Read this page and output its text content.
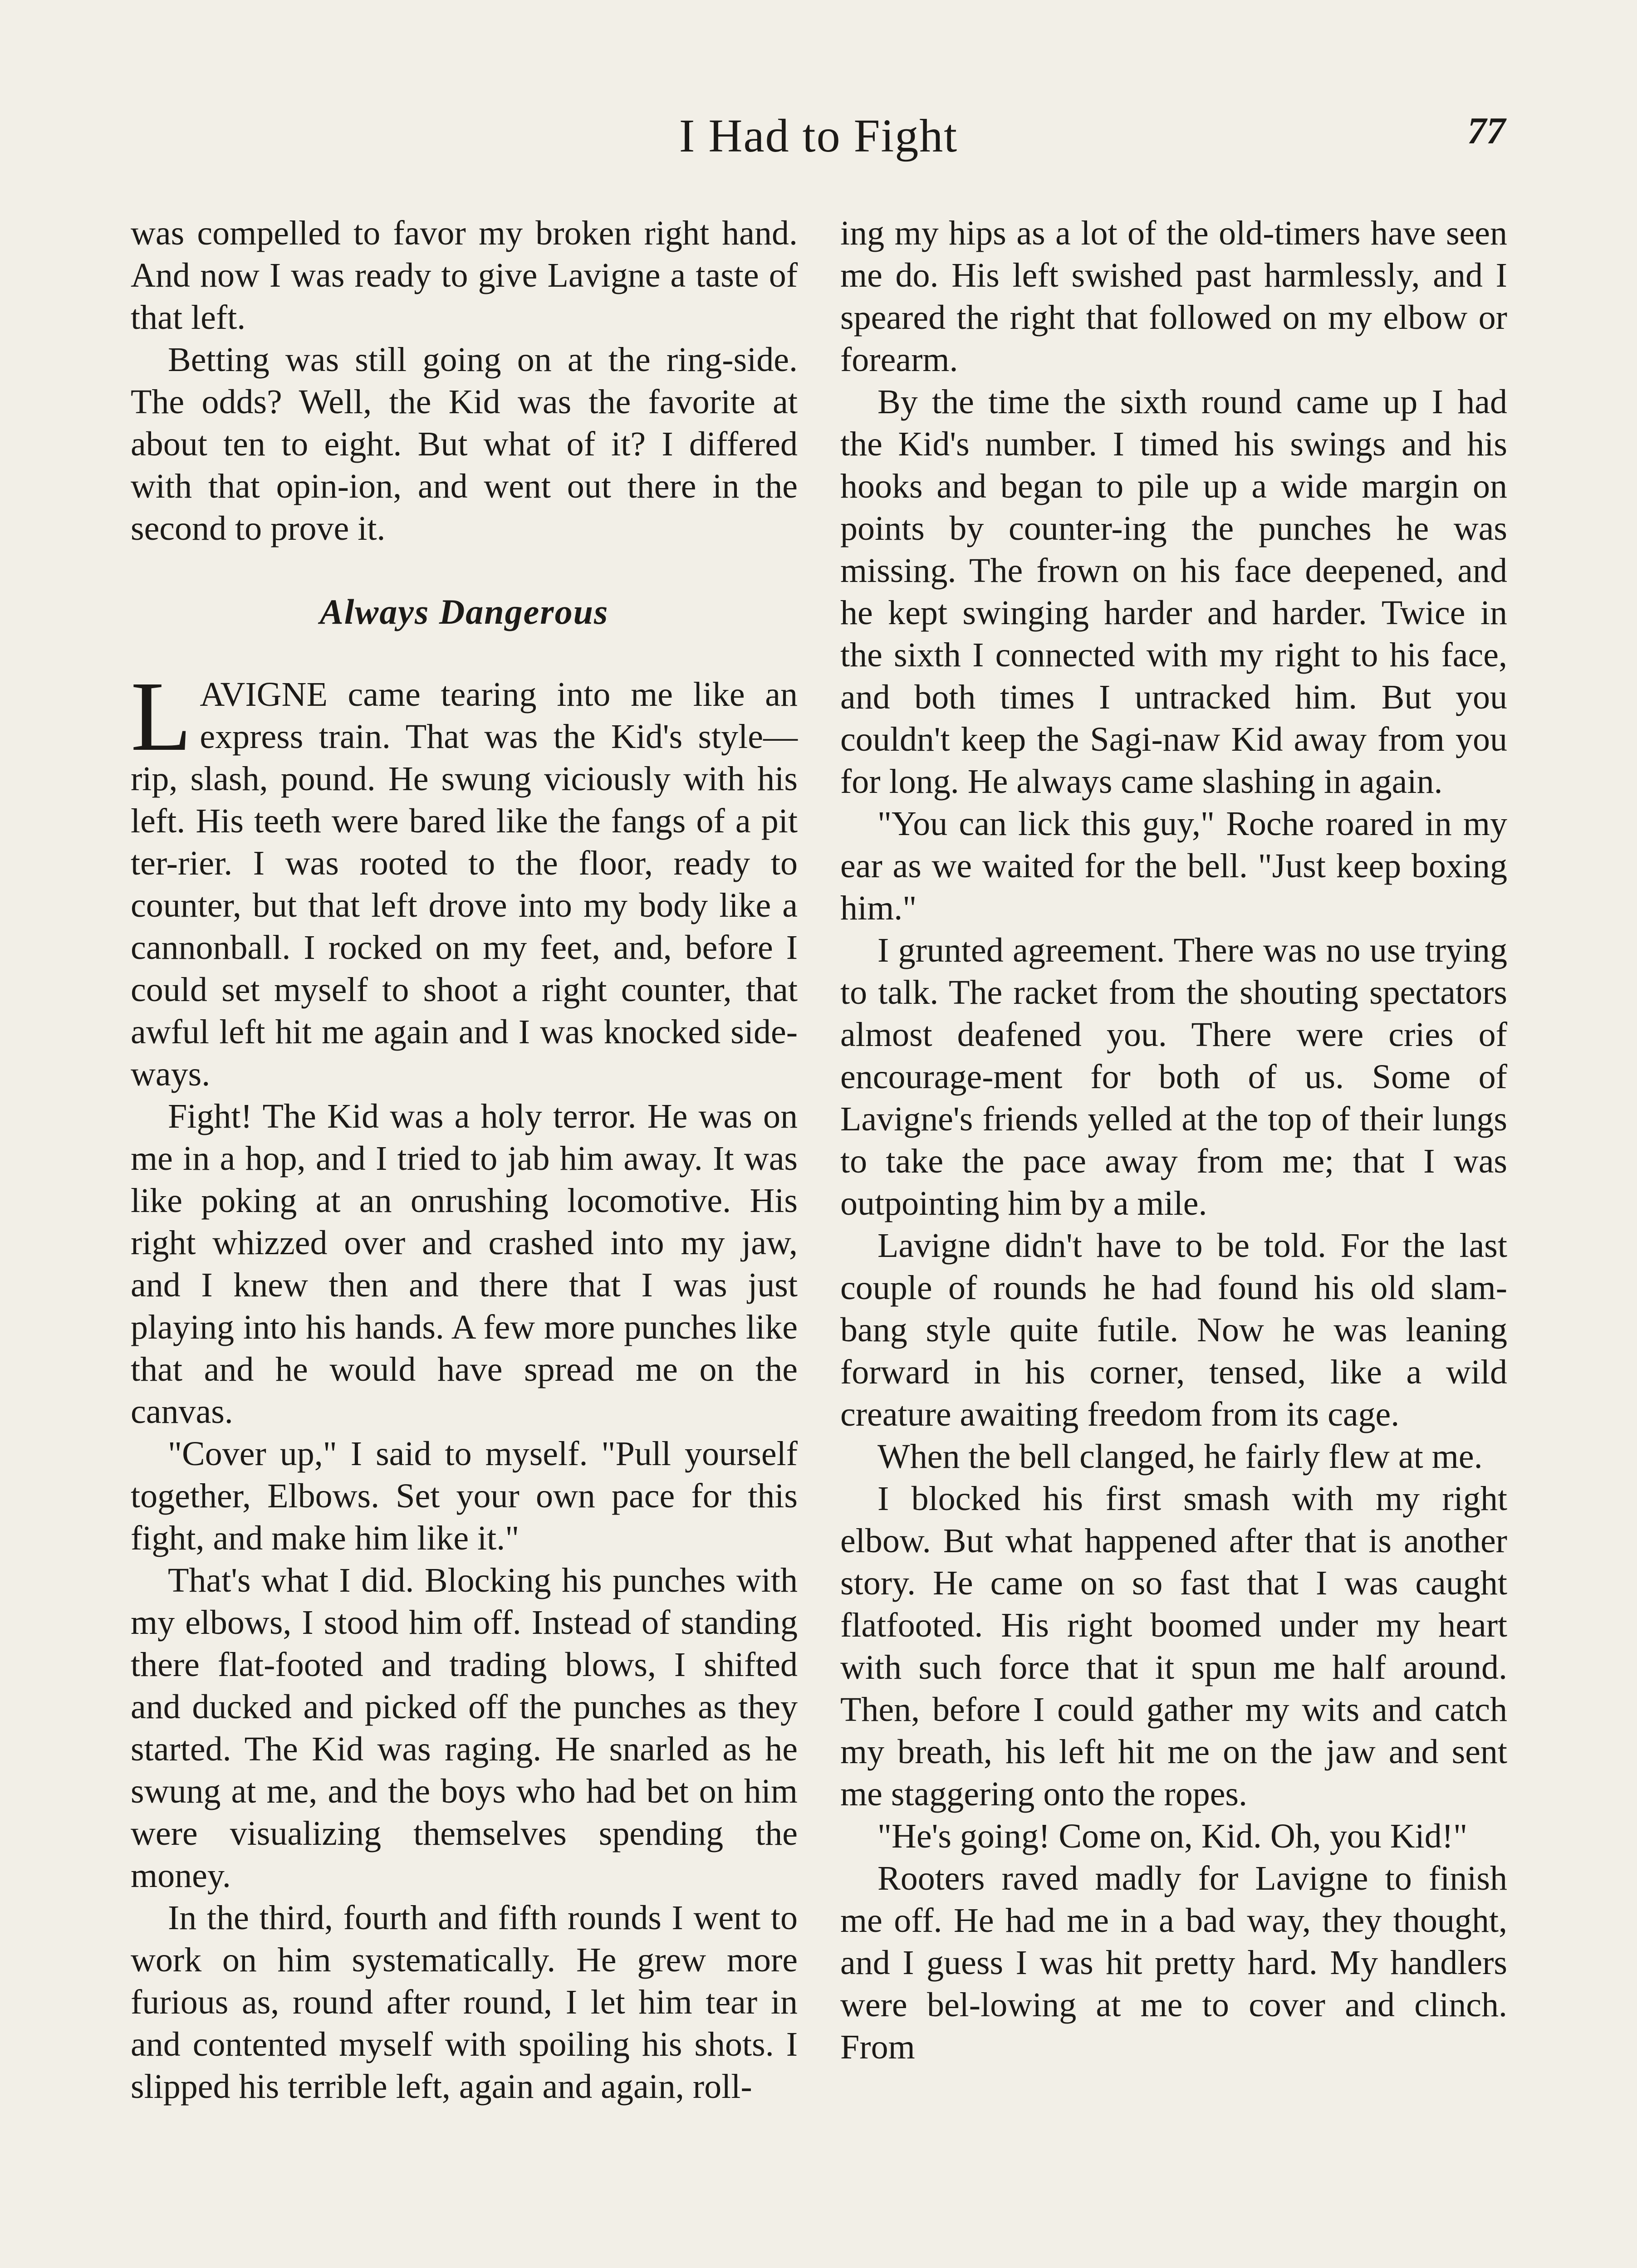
I Had to Fight	77

was compelled to favor my broken right hand. And now I was ready to give Lavigne a taste of that left.

Betting was still going on at the ring-side. The odds? Well, the Kid was the favorite at about ten to eight. But what of it? I differed with that opin-ion, and went out there in the second to prove it.

Always Dangerous

LAVIGNE came tearing into me like an express train. That was the Kid's style—rip, slash, pound. He swung viciously with his left. His teeth were bared like the fangs of a pit ter-rier. I was rooted to the floor, ready to counter, but that left drove into my body like a cannonball. I rocked on my feet, and, before I could set myself to shoot a right counter, that awful left hit me again and I was knocked side-ways.

Fight! The Kid was a holy terror. He was on me in a hop, and I tried to jab him away. It was like poking at an onrushing locomotive. His right whizzed over and crashed into my jaw, and I knew then and there that I was just playing into his hands. A few more punches like that and he would have spread me on the canvas.

"Cover up," I said to myself. "Pull yourself together, Elbows. Set your own pace for this fight, and make him like it."

That's what I did. Blocking his punches with my elbows, I stood him off. Instead of standing there flat-footed and trading blows, I shifted and ducked and picked off the punches as they started. The Kid was raging. He snarled as he swung at me, and the boys who had bet on him were visualizing themselves spending the money.

In the third, fourth and fifth rounds I went to work on him systematically. He grew more furious as, round after round, I let him tear in and contented myself with spoiling his shots. I slipped his terrible left, again and again, roll-

ing my hips as a lot of the old-timers have seen me do. His left swished past harmlessly, and I speared the right that followed on my elbow or forearm.

By the time the sixth round came up I had the Kid's number. I timed his swings and his hooks and began to pile up a wide margin on points by counter-ing the punches he was missing. The frown on his face deepened, and he kept swinging harder and harder. Twice in the sixth I connected with my right to his face, and both times I untracked him. But you couldn't keep the Sagi-naw Kid away from you for long. He always came slashing in again.

"You can lick this guy," Roche roared in my ear as we waited for the bell. "Just keep boxing him."

I grunted agreement. There was no use trying to talk. The racket from the shouting spectators almost deafened you. There were cries of encourage-ment for both of us. Some of Lavigne's friends yelled at the top of their lungs to take the pace away from me; that I was outpointing him by a mile.

Lavigne didn't have to be told. For the last couple of rounds he had found his old slam-bang style quite futile. Now he was leaning forward in his corner, tensed, like a wild creature awaiting freedom from its cage.

When the bell clanged, he fairly flew at me.

I blocked his first smash with my right elbow. But what happened after that is another story. He came on so fast that I was caught flatfooted. His right boomed under my heart with such force that it spun me half around. Then, before I could gather my wits and catch my breath, his left hit me on the jaw and sent me staggering onto the ropes.

"He's going! Come on, Kid. Oh, you Kid!"

Rooters raved madly for Lavigne to finish me off. He had me in a bad way, they thought, and I guess I was hit pretty hard. My handlers were bel-lowing at me to cover and clinch. From
